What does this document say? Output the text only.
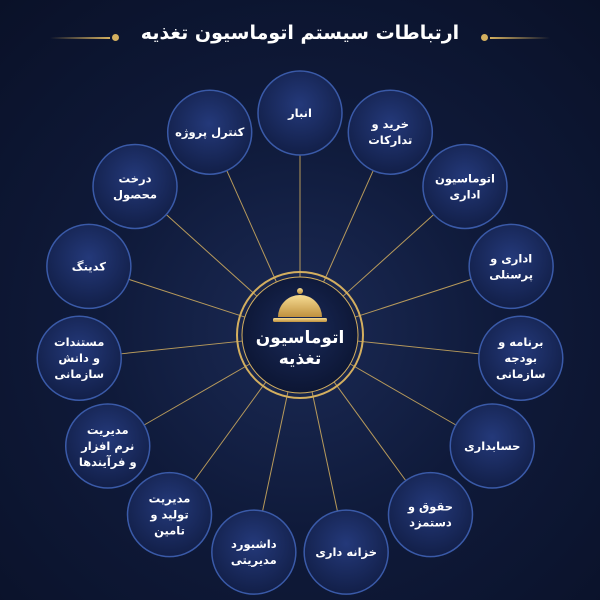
ارتباطات سیستم اتوماسیون تغذیه
انبار
خرید و
تدارکات
اتوماسیون
اداری
اداری و
پرسنلی
برنامه و
بودجه
سازمانی
حسابداری
حقوق و
دستمزد
خزانه داری
داشبورد
مدیریتی
مدیریت
تولید و
تامین
مدیریت
نرم افزار
و فرآیندها
مستندات
و دانش
سازمانی
کدینگ
درخت
محصول
کنترل پروژه
اتوماسیون
تغذیه
